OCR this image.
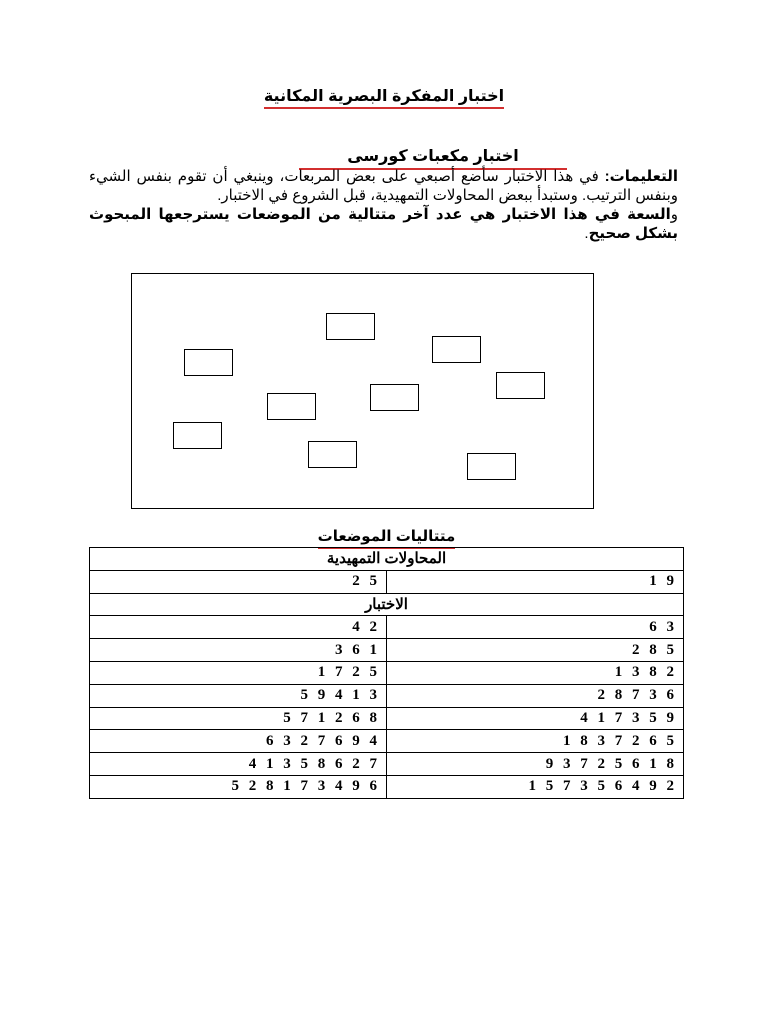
اختبار المفكرة البصرية المكانية
اختبار مكعبات كورسى
التعليمات: في هذا الاختبار سأضع أصبعي على بعض المربعات، وينبغي أن تقوم بنفس الشيء وبنفس الترتيب. وستبدأ ببعض المحاولات التمهيدية، قبل الشروع في الاختبار.
والسعة في هذا الاختبار هي عدد آخر متتالية من الموضعات يسترجعها المبحوث بشكل صحيح.
متتاليات الموضعات
المحاولات التمهيدية	
2 5	1 9
الاختبار	
4 2	6 3
3 6 1	2 8 5
1 7 2 5	1 3 8 2
5 9 4 1 3	2 8 7 3 6
5 7 1 2 6 8	4 1 7 3 5 9
6 3 2 7 6 9 4	1 8 3 7 2 6 5
4 1 3 5 8 6 2 7	9 3 7 2 5 6 1 8
5 2 8 1 7 3 4 9 6	1 5 7 3 5 6 4 9 2
